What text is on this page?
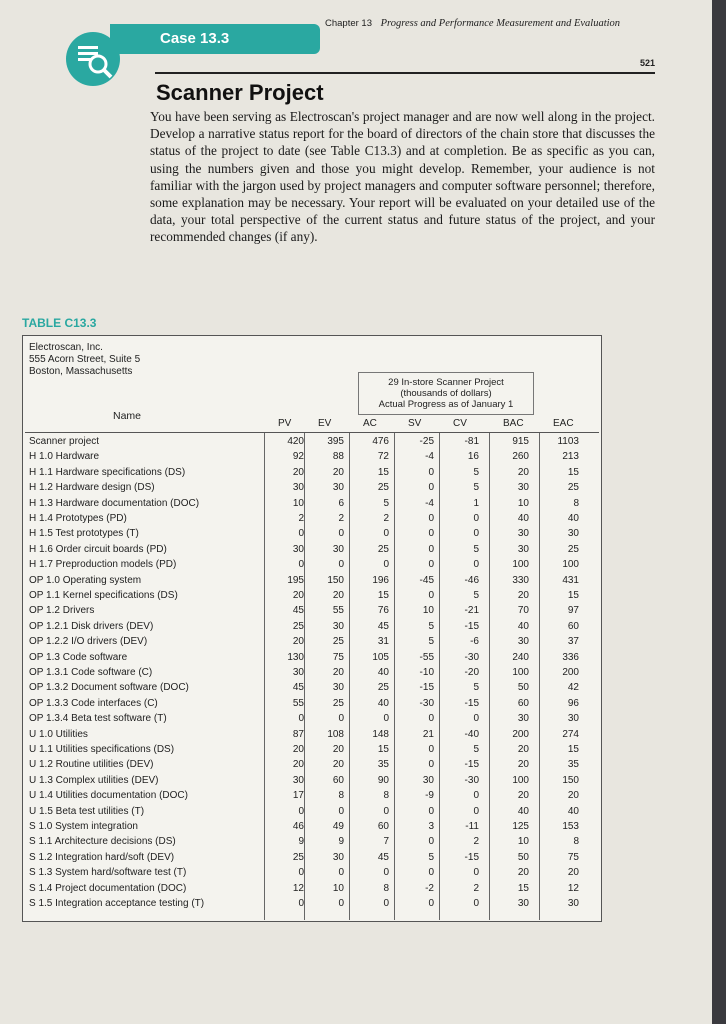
Chapter 13 Progress and Performance Measurement and Evaluation
521
Case 13.3
Scanner Project
You have been serving as Electroscan's project manager and are now well along in the project. Develop a narrative status report for the board of directors of the chain store that discusses the status of the project to date (see Table C13.3) and at completion. Be as specific as you can, using the numbers given and those you might develop. Remember, your audience is not familiar with the jargon used by project managers and computer software personnel; therefore, some explanation may be necessary. Your report will be evaluated on your detailed use of the data, your total perspective of the current status and future status of the project, and your recommended changes (if any).
TABLE C13.3
Electroscan, Inc.
555 Acorn Street, Suite 5
Boston, Massachusetts
29 In-store Scanner Project
(thousands of dollars)
Actual Progress as of January 1
Name
PV	EV	AC	SV	CV	BAC	EAC
Scanner project	420	395	476	-25	-81	915	1103
H 1.0 Hardware	92	88	72	-4	16	260	213
H 1.1 Hardware specifications (DS)	20	20	15	0	5	20	15
H 1.2 Hardware design (DS)	30	30	25	0	5	30	25
H 1.3 Hardware documentation (DOC)	10	6	5	-4	1	10	8
H 1.4 Prototypes (PD)	2	2	2	0	0	40	40
H 1.5 Test prototypes (T)	0	0	0	0	0	30	30
H 1.6 Order circuit boards (PD)	30	30	25	0	5	30	25
H 1.7 Preproduction models (PD)	0	0	0	0	0	100	100
OP 1.0 Operating system	195	150	196	-45	-46	330	431
OP 1.1 Kernel specifications (DS)	20	20	15	0	5	20	15
OP 1.2 Drivers	45	55	76	10	-21	70	97
OP 1.2.1 Disk drivers (DEV)	25	30	45	5	-15	40	60
OP 1.2.2 I/O drivers (DEV)	20	25	31	5	-6	30	37
OP 1.3 Code software	130	75	105	-55	-30	240	336
OP 1.3.1 Code software (C)	30	20	40	-10	-20	100	200
OP 1.3.2 Document software (DOC)	45	30	25	-15	5	50	42
OP 1.3.3 Code interfaces (C)	55	25	40	-30	-15	60	96
OP 1.3.4 Beta test software (T)	0	0	0	0	0	30	30
U 1.0 Utilities	87	108	148	21	-40	200	274
U 1.1 Utilities specifications (DS)	20	20	15	0	5	20	15
U 1.2 Routine utilities (DEV)	20	20	35	0	-15	20	35
U 1.3 Complex utilities (DEV)	30	60	90	30	-30	100	150
U 1.4 Utilities documentation (DOC)	17	8	8	-9	0	20	20
U 1.5 Beta test utilities (T)	0	0	0	0	0	40	40
S 1.0 System integration	46	49	60	3	-11	125	153
S 1.1 Architecture decisions (DS)	9	9	7	0	2	10	8
S 1.2 Integration hard/soft (DEV)	25	30	45	5	-15	50	75
S 1.3 System hard/software test (T)	0	0	0	0	0	20	20
S 1.4 Project documentation (DOC)	12	10	8	-2	2	15	12
S 1.5 Integration acceptance testing (T)	0	0	0	0	0	30	30
